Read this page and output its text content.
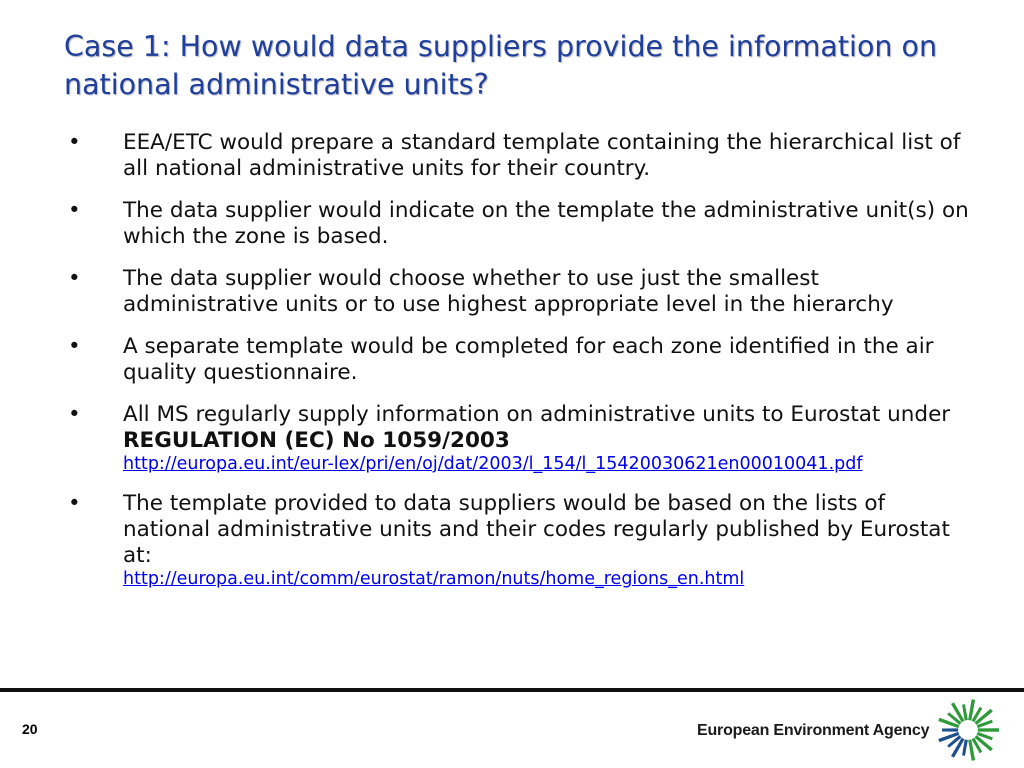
Case 1: How would data suppliers provide the information on national administrative units?
• EEA/ETC would prepare a standard template containing the hierarchical list of all national administrative units for their country.
• The data supplier would indicate on the template the administrative unit(s) on which the zone is based.
• The data supplier would choose whether to use just the smallest administrative units or to use highest appropriate level in the hierarchy
• A separate template would be completed for each zone identified in the air quality questionnaire.
• All MS regularly supply information on administrative units to Eurostat under REGULATION (EC) No 1059/2003
http://europa.eu.int/eur-lex/pri/en/oj/dat/2003/l_154/l_15420030621en00010041.pdf
• The template provided to data suppliers would be based on the lists of national administrative units and their codes regularly published by Eurostat at:
http://europa.eu.int/comm/eurostat/ramon/nuts/home_regions_en.html
20	European Environment Agency
